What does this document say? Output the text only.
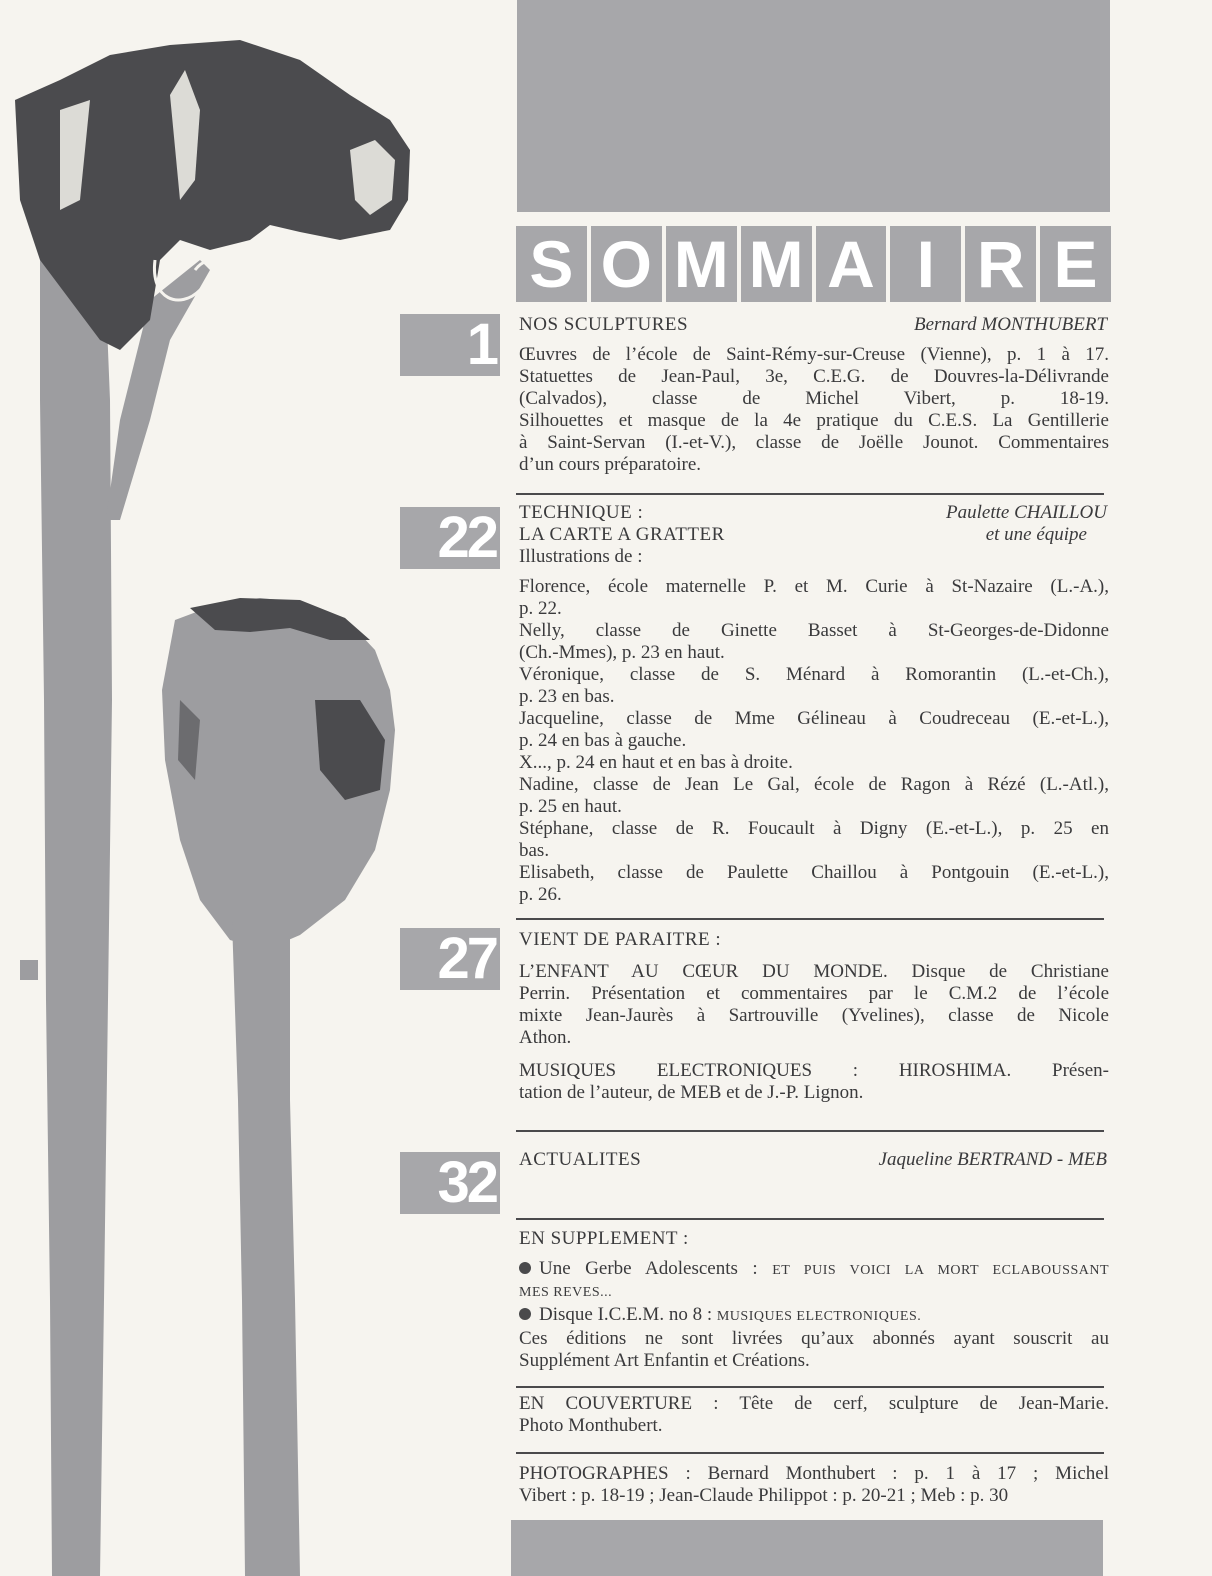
S O M M A I R E
1 NOS SCULPTURES	Bernard MONTHUBERT
Œuvres de l’école de Saint-Rémy-sur-Creuse (Vienne), p. 1 à 17.
Statuettes de Jean-Paul, 3e, C.E.G. de Douvres-la-Délivrande
(Calvados), classe de Michel Vibert, p. 18-19.
Silhouettes et masque de la 4e pratique du C.E.S. La Gentillerie
à Saint-Servan (I.-et-V.), classe de Joëlle Jounot. Commentaires
d’un cours préparatoire.
22 TECHNIQUE :	Paulette CHAILLOU
LA CARTE A GRATTER	et une équipe
Illustrations de :
Florence, école maternelle P. et M. Curie à St-Nazaire (L.-A.),
p. 22.
Nelly, classe de Ginette Basset à St-Georges-de-Didonne
(Ch.-Mmes), p. 23 en haut.
Véronique, classe de S. Ménard à Romorantin (L.-et-Ch.),
p. 23 en bas.
Jacqueline, classe de Mme Gélineau à Coudreceau (E.-et-L.),
p. 24 en bas à gauche.
X..., p. 24 en haut et en bas à droite.
Nadine, classe de Jean Le Gal, école de Ragon à Rézé (L.-Atl.),
p. 25 en haut.
Stéphane, classe de R. Foucault à Digny (E.-et-L.), p. 25 en
bas.
Elisabeth, classe de Paulette Chaillou à Pontgouin (E.-et-L.),
p. 26.
27 VIENT DE PARAITRE :
L’ENFANT AU CŒUR DU MONDE. Disque de Christiane
Perrin. Présentation et commentaires par le C.M.2 de l’école
mixte Jean-Jaurès à Sartrouville (Yvelines), classe de Nicole
Athon.
MUSIQUES ELECTRONIQUES : HIROSHIMA. Présen-
tation de l’auteur, de MEB et de J.-P. Lignon.
32 ACTUALITES	Jaqueline BERTRAND - MEB
EN SUPPLEMENT :
Une Gerbe Adolescents : ET PUIS VOICI LA MORT ECLABOUSSANT
MES REVES...
Disque I.C.E.M. no 8 : MUSIQUES ELECTRONIQUES.
Ces éditions ne sont livrées qu’aux abonnés ayant souscrit au
Supplément Art Enfantin et Créations.
EN COUVERTURE : Tête de cerf, sculpture de Jean-Marie.
Photo Monthubert.
PHOTOGRAPHES : Bernard Monthubert : p. 1 à 17 ; Michel
Vibert : p. 18-19 ; Jean-Claude Philippot : p. 20-21 ; Meb : p. 30
